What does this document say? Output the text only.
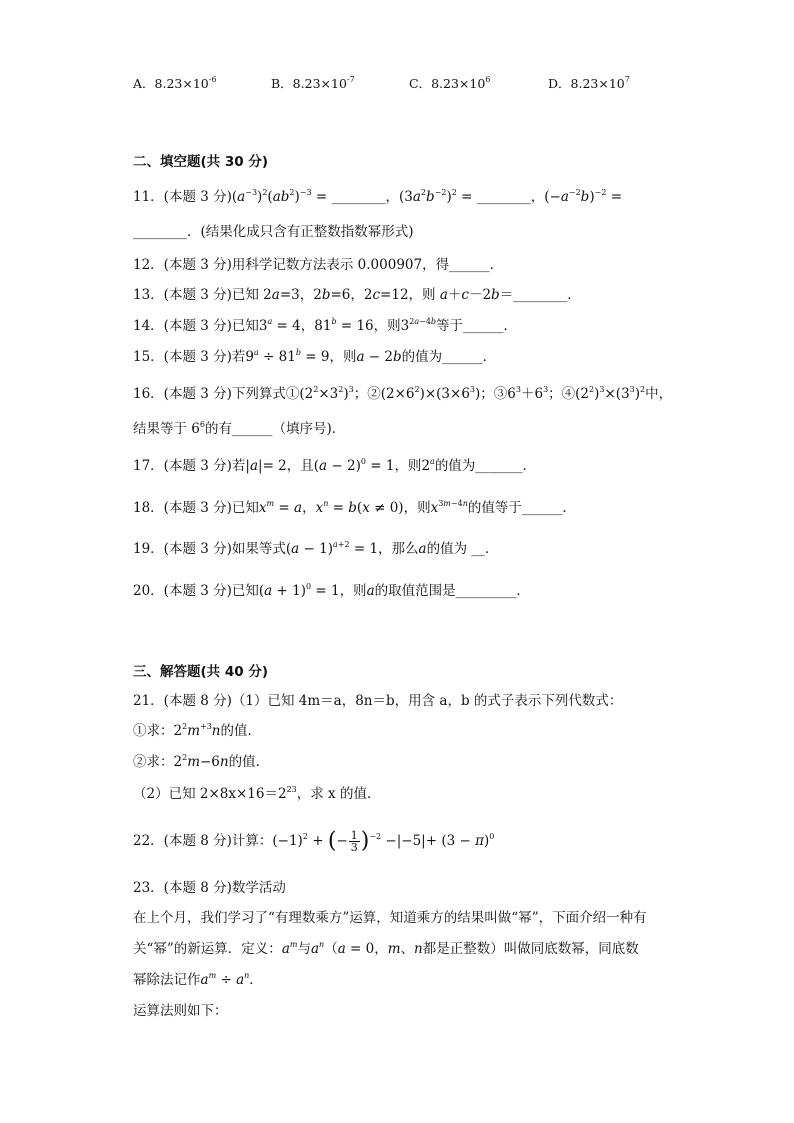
A．$8.23\times 10^{-6}$	B．$8.23\times 10^{-7}$	C．$8.23\times 10^6$	D．$8.23\times 10^7$
二、填空题(共 30 分)
11．(本题 3 分)$(a^{-3})^2(ab^2)^{-3}$ = ________，$(3a^2b^{-2})^2$ = ________，$(-a^{-2}b)^{-2}$ =
________．(结果化成只含有正整数指数幂形式)
12．(本题 3 分)用科学记数方法表示 0.000907，得______．
13．(本题 3 分)已知 2a=3，2b=6，2c=12，则 a＋c－2b＝________．
14．(本题 3 分)已知$3^a = 4$，$81^b = 16$，则$3^{2a-4b}$等于______．
15．(本题 3 分)若$9^a \div 81^b = 9$，则a − 2b的值为______．
16．(本题 3 分)下列算式$①(2^2\times 3^2)^3$；$②(2\times 6^2)\times(3\times 6^3)$；$③6^3+6^3$；$④(2^2)^3\times(3^3)^2$中，
结果等于 $6^6$的有______（填序号)．
17．(本题 3 分)若|a|= 2，且$(a - 2)^0 = 1$，则2$^a$的值为_______．
18．(本题 3 分)已知$x^m = a$，$x^n = b(x \ne 0)$，则$x^{3m-4n}$的值等于______.
19．(本题 3 分)如果等式$(a - 1)^{a+2} = 1$，那么a的值为 __．
20．(本题 3 分)已知$(a + 1)^0 = 1$，则a的取值范围是_________．
三、解答题(共 40 分)
21．(本题 8 分)（1）已知 4m＝a，8n＝b，用含 a，b 的式子表示下列代数式：
①求：$2^2m^{+3}n$的值．
②求：$2^2m-6n$的值．
（2）已知 $2\times 8x\times 16=2^{23}$，求 x 的值．
22．(本题 8 分)计算：$(-1)^2$ + (− $\frac{1}{3} )^{-2} -|-5|+ (3 - \pi)^0$
23．(本题 8 分)数学活动
在上个月，我们学习了“有理数乘方”运算，知道乘方的结果叫做“幂”，下面介绍一种有
关“幂”的新运算．定义：$a^m$与$a^n(a = 0$，m、n都是正整数）叫做同底数幂，同底数
幂除法记作$a^m \div a^n$．
运算法则如下：
